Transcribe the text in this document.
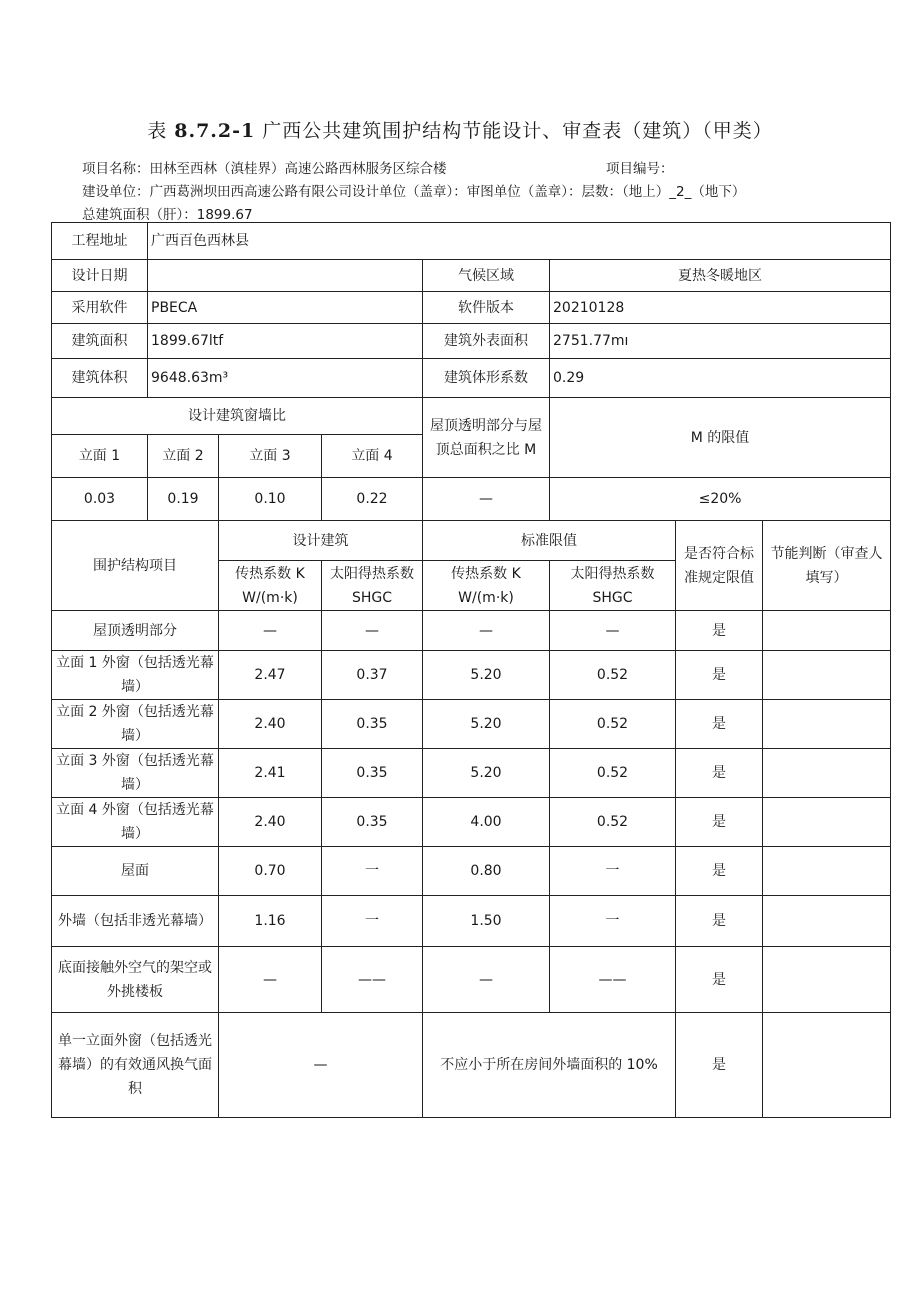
表 8.7.2-1 广西公共建筑围护结构节能设计、审查表（建筑）（甲类）
项目名称：田林至西林（滇桂界）高速公路西林服务区综合楼	项目编号：
建设单位：广西葛洲坝田西高速公路有限公司设计单位（盖章）：审图单位（盖章）：层数：（地上）_2_（地下）
总建筑面积（肝）：1899.67
工程地址	广西百色西林县						
设计日期				气候区域	夏热冬暖地区		
采用软件	PBECA			软件版本	20210128		
建筑面积	1899.67ltf			建筑外表面积	2751.77mı		
建筑体积	9648.63m³			建筑体形系数	0.29		
设计建筑窗墙比				屋顶透明部分与屋顶总面积之比 M	M 的限值		
立面 1	立面 2	立面 3	立面 4				
0.03	0.19	0.10	0.22	—	≤20%		
围护结构项目		设计建筑		标准限值		是否符合标准规定限值	节能判断（审查人填写）
		传热系数 K W/(m·k)	太阳得热系数 SHGC	传热系数 K W/(m·k)	太阳得热系数 SHGC		
屋顶透明部分		—	—	—	—	是	
立面 1 外窗（包括透光幕墙）		2.47	0.37	5.20	0.52	是	
立面 2 外窗（包括透光幕墙）		2.40	0.35	5.20	0.52	是	
立面 3 外窗（包括透光幕墙）		2.41	0.35	5.20	0.52	是	
立面 4 外窗（包括透光幕墙）		2.40	0.35	4.00	0.52	是	
屋面		0.70	一	0.80	一	是	
外墙（包括非透光幕墙）		1.16	一	1.50	一	是	
底面接触外空气的架空或外挑楼板		—	——	—	——	是	
单一立面外窗（包括透光幕墙）的有效通风换气面积		—		不应小于所在房间外墙面积的 10%		是	
